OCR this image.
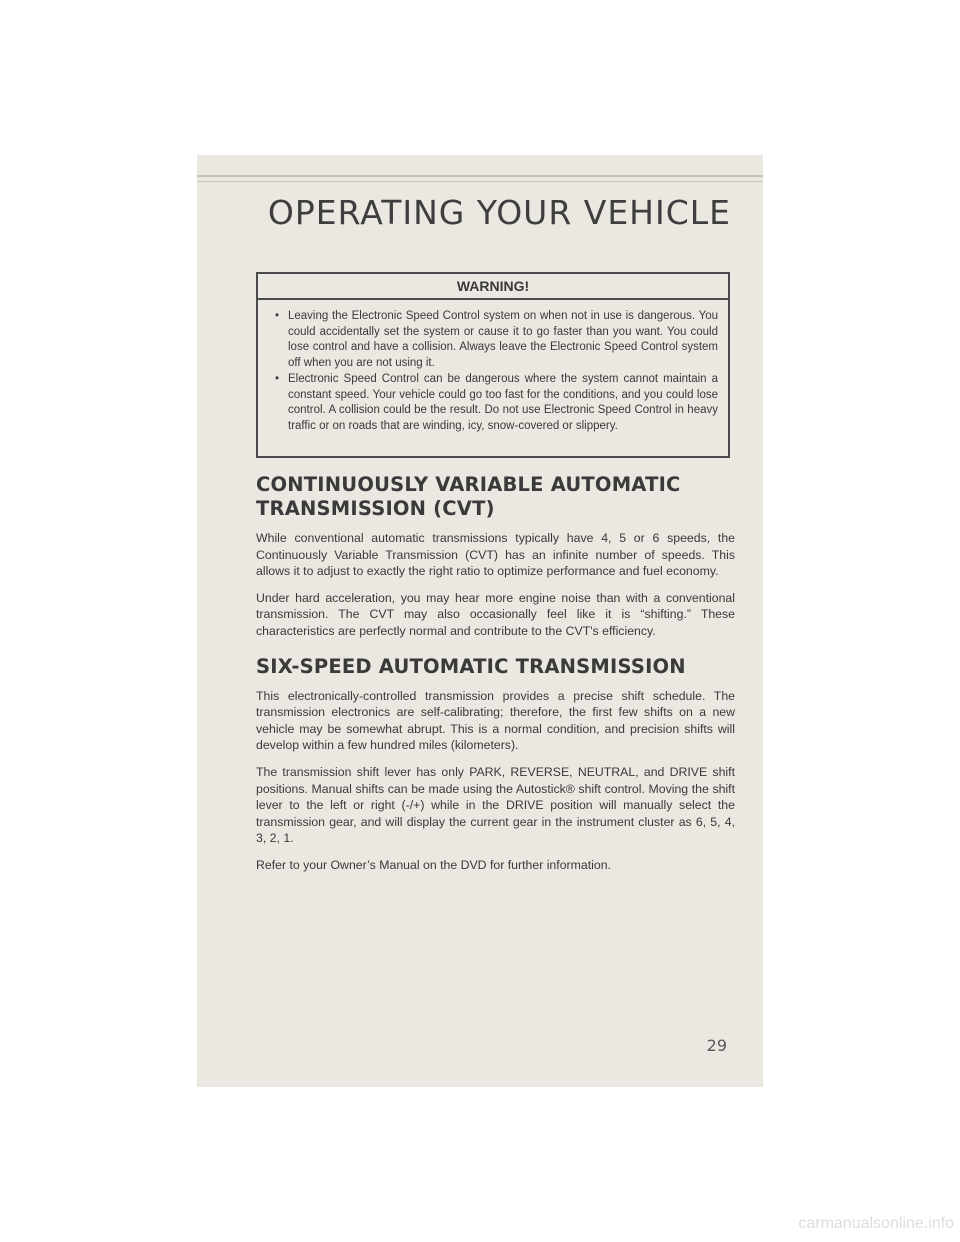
OPERATING YOUR VEHICLE
WARNING!
• Leaving the Electronic Speed Control system on when not in use is dangerous. You could accidentally set the system or cause it to go faster than you want. You could lose control and have a collision. Always leave the Electronic Speed Control system off when you are not using it.
• Electronic Speed Control can be dangerous where the system cannot maintain a constant speed. Your vehicle could go too fast for the conditions, and you could lose control. A collision could be the result. Do not use Electronic Speed Control in heavy traffic or on roads that are winding, icy, snow-covered or slippery.
CONTINUOUSLY VARIABLE AUTOMATIC
TRANSMISSION (CVT)

While conventional automatic transmissions typically have 4, 5 or 6 speeds, the Continuously Variable Transmission (CVT) has an infinite number of speeds. This allows it to adjust to exactly the right ratio to optimize performance and fuel economy.

Under hard acceleration, you may hear more engine noise than with a conventional transmission. The CVT may also occasionally feel like it is “shifting.” These characteristics are perfectly normal and contribute to the CVT's efficiency.

SIX-SPEED AUTOMATIC TRANSMISSION

This electronically-controlled transmission provides a precise shift schedule. The transmission electronics are self-calibrating; therefore, the first few shifts on a new vehicle may be somewhat abrupt. This is a normal condition, and precision shifts will develop within a few hundred miles (kilometers).

The transmission shift lever has only PARK, REVERSE, NEUTRAL, and DRIVE shift positions. Manual shifts can be made using the Autostick® shift control. Moving the shift lever to the left or right (-/+) while in the DRIVE position will manually select the transmission gear, and will display the current gear in the instrument cluster as 6, 5, 4, 3, 2, 1.

Refer to your Owner’s Manual on the DVD for further information.

29
carmanualsonline.info
